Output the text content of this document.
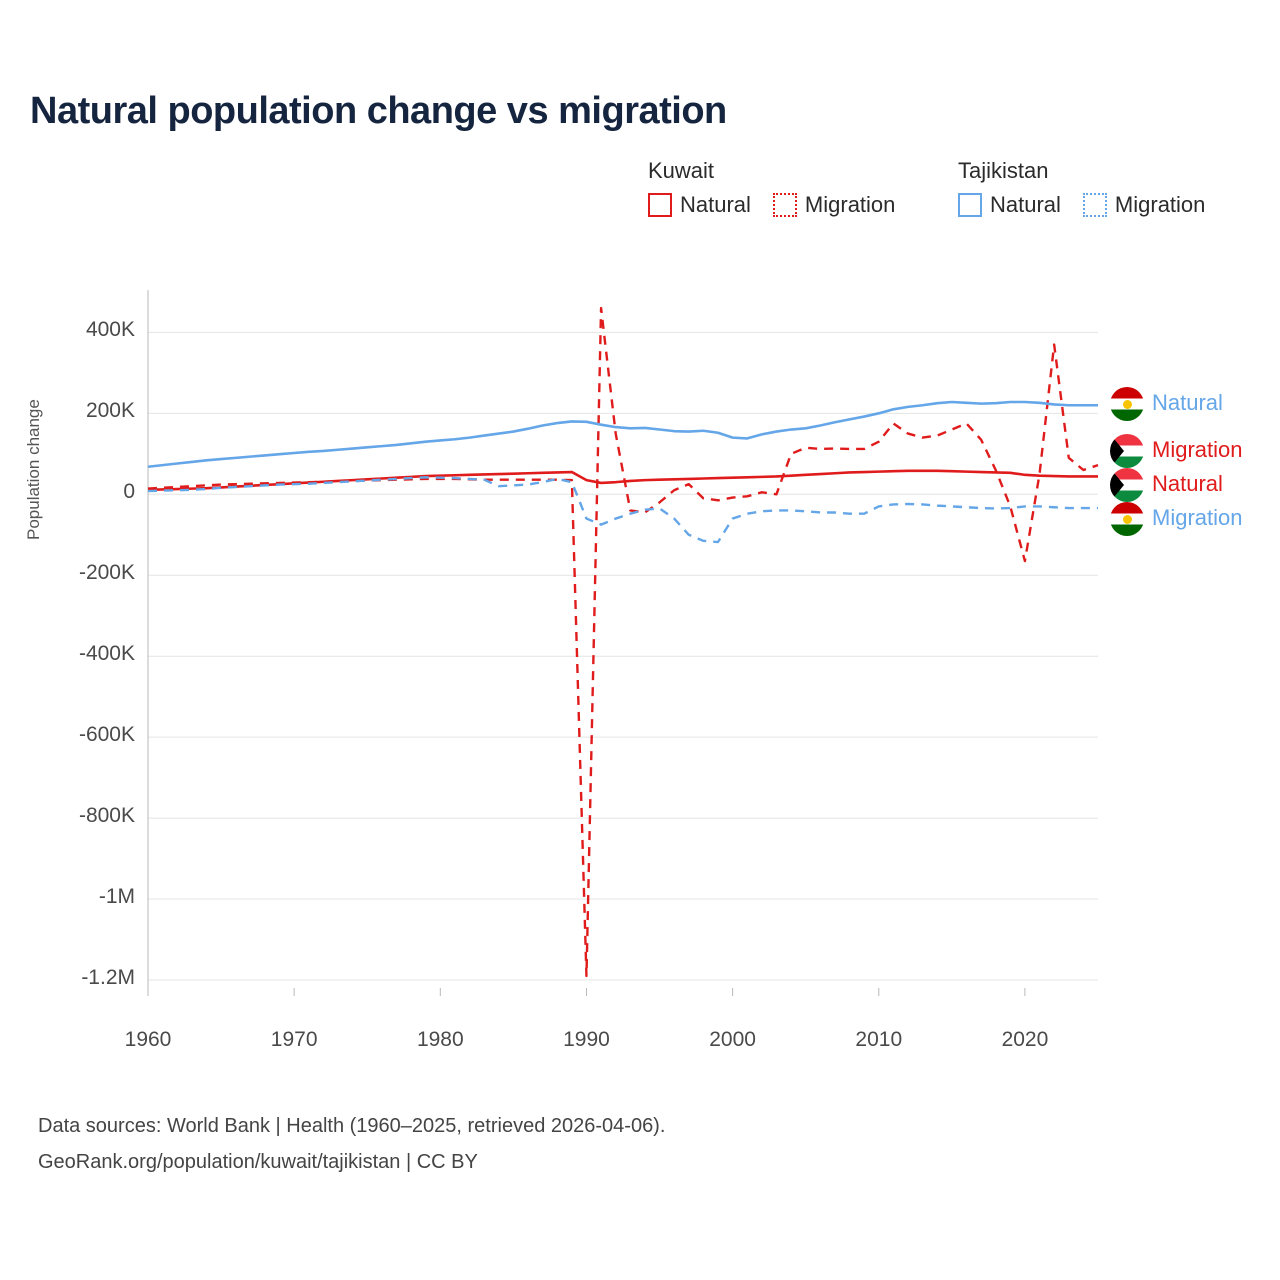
Natural population change vs migration
Kuwait
Natural Migration
Tajikistan
Natural Migration
Population change
400K
200K
0
-200K
-400K
-600K
-800K
-1M
-1.2M
1960	1970	1980	1990	2000	2010	2020
Natural
Migration
Natural
Migration
Data sources: World Bank | Health (1960–2025, retrieved 2026-04-06).
GeoRank.org/population/kuwait/tajikistan | CC BY
